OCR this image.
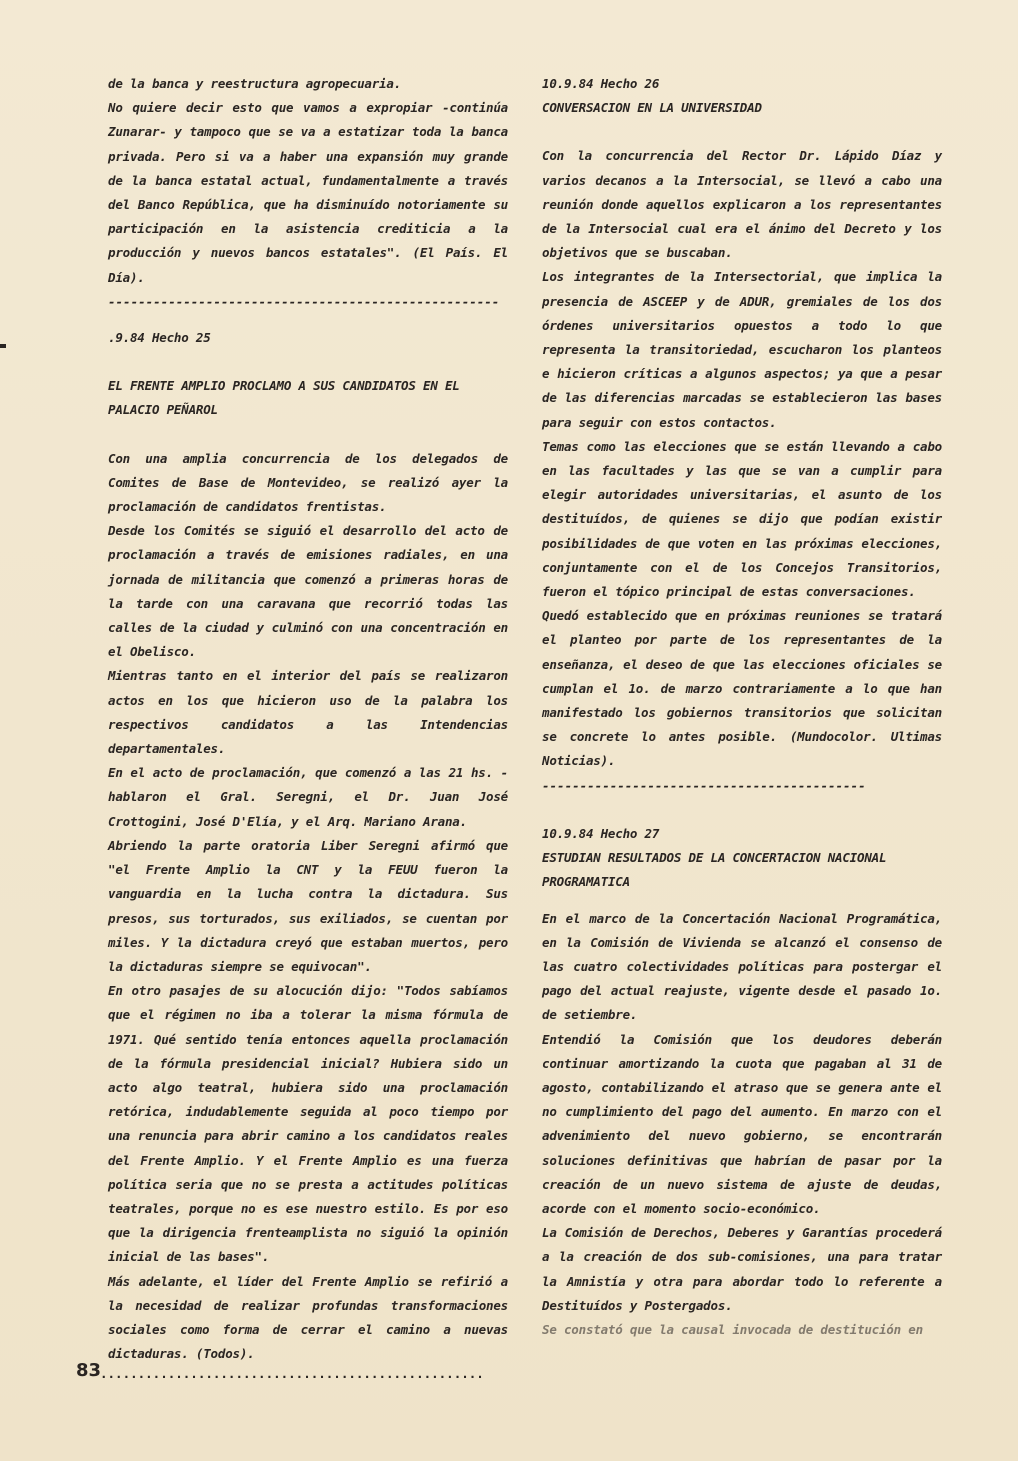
de la banca y reestructura agropecuaria.

No quiere decir esto que vamos a expropiar -continúa Zunarar- y tampoco que se va a estatizar toda la banca privada. Pero si va a haber una expansión muy grande de la banca estatal actual, fundamentalmente a través del Banco República, que ha disminuído notoriamente su participación en la asistencia crediticia a la producción y nuevos bancos estatales". (El País. El Día).

----------------------------------------------------

.9.84 Hecho 25

EL FRENTE AMPLIO PROCLAMO A SUS CANDIDATOS EN EL PALACIO PEÑAROL

Con una amplia concurrencia de los delegados de Comites de Base de Montevideo, se realizó ayer la proclamación de candidatos frentistas.

Desde los Comités se siguió el desarrollo del acto de proclamación a través de emisiones radiales, en una jornada de militancia que comenzó a primeras horas de la tarde con una caravana que recorrió todas las calles de la ciudad y culminó con una concentración en el Obelisco.

Mientras tanto en el interior del país se realizaron actos en los que hicieron uso de la palabra los respectivos candidatos a las Intendencias departamentales.

En el acto de proclamación, que comenzó a las 21 hs. -hablaron el Gral. Seregni, el Dr. Juan José Crottogini, José D'Elía, y el Arq. Mariano Arana.

Abriendo la parte oratoria Liber Seregni afirmó que "el Frente Amplio la CNT y la FEUU fueron la vanguardia en la lucha contra la dictadura. Sus presos, sus torturados, sus exiliados, se cuentan por miles. Y la dictadura creyó que estaban muertos, pero la dictaduras siempre se equivocan".

En otro pasajes de su alocución dijo: "Todos sabíamos que el régimen no iba a tolerar la misma fórmula de 1971. Qué sentido tenía entonces aquella proclamación de la fórmula presidencial inicial? Hubiera sido un acto algo teatral, hubiera sido una proclamación retórica, indudablemente seguida al poco tiempo por una renuncia para abrir camino a los candidatos reales del Frente Amplio. Y el Frente Amplio es una fuerza política seria que no se presta a actitudes políticas teatrales, porque no es ese nuestro estilo. Es por eso que la dirigencia frenteamplista no siguió la opinión inicial de las bases".

Más adelante, el líder del Frente Amplio se refirió a la necesidad de realizar profundas transformaciones sociales como forma de cerrar el camino a nuevas dictaduras. (Todos).

10.9.84 Hecho 26

CONVERSACION EN LA UNIVERSIDAD

Con la concurrencia del Rector Dr. Lápido Díaz y varios decanos a la Intersocial, se llevó a cabo una reunión donde aquellos explicaron a los representantes de la Intersocial cual era el ánimo del Decreto y los objetivos que se buscaban.

Los integrantes de la Intersectorial, que implica la presencia de ASCEEP y de ADUR, gremiales de los dos órdenes universitarios opuestos a todo lo que representa la transitoriedad, escucharon los planteos e hicieron críticas a algunos aspectos; ya que a pesar de las diferencias marcadas se establecieron las bases para seguir con estos contactos.

Temas como las elecciones que se están llevando a cabo en las facultades y las que se van a cumplir para elegir autoridades universitarias, el asunto de los destituídos, de quienes se dijo que podían existir posibilidades de que voten en las próximas elecciones, conjuntamente con el de los Concejos Transitorios, fueron el tópico principal de estas conversaciones.

Quedó establecido que en próximas reuniones se tratará el planteo por parte de los representantes de la enseñanza, el deseo de que las elecciones oficiales se cumplan el 1o. de marzo contrariamente a lo que han manifestado los gobiernos transitorios que solicitan se concrete lo antes posible. (Mundocolor. Ultimas Noticias).

-------------------------------------------

10.9.84 Hecho 27

ESTUDIAN RESULTADOS DE LA CONCERTACION NACIONAL PROGRAMATICA

En el marco de la Concertación Nacional Programática, en la Comisión de Vivienda se alcanzó el consenso de las cuatro colectividades políticas para postergar el pago del actual reajuste, vigente desde el pasado 1o. de setiembre.

Entendió la Comisión que los deudores deberán continuar amortizando la cuota que pagaban al 31 de agosto, contabilizando el atraso que se genera ante el no cumplimiento del pago del aumento. En marzo con el advenimiento del nuevo gobierno, se encontrarán soluciones definitivas que habrían de pasar por la creación de un nuevo sistema de ajuste de deudas, acorde con el momento socio-económico.

La Comisión de Derechos, Deberes y Garantías procederá a la creación de dos sub-comisiones, una para tratar la Amnistía y otra para abordar todo lo referente a Destituídos y Postergados.

Se constató que la causal invocada de destitución en

83
...................................................
